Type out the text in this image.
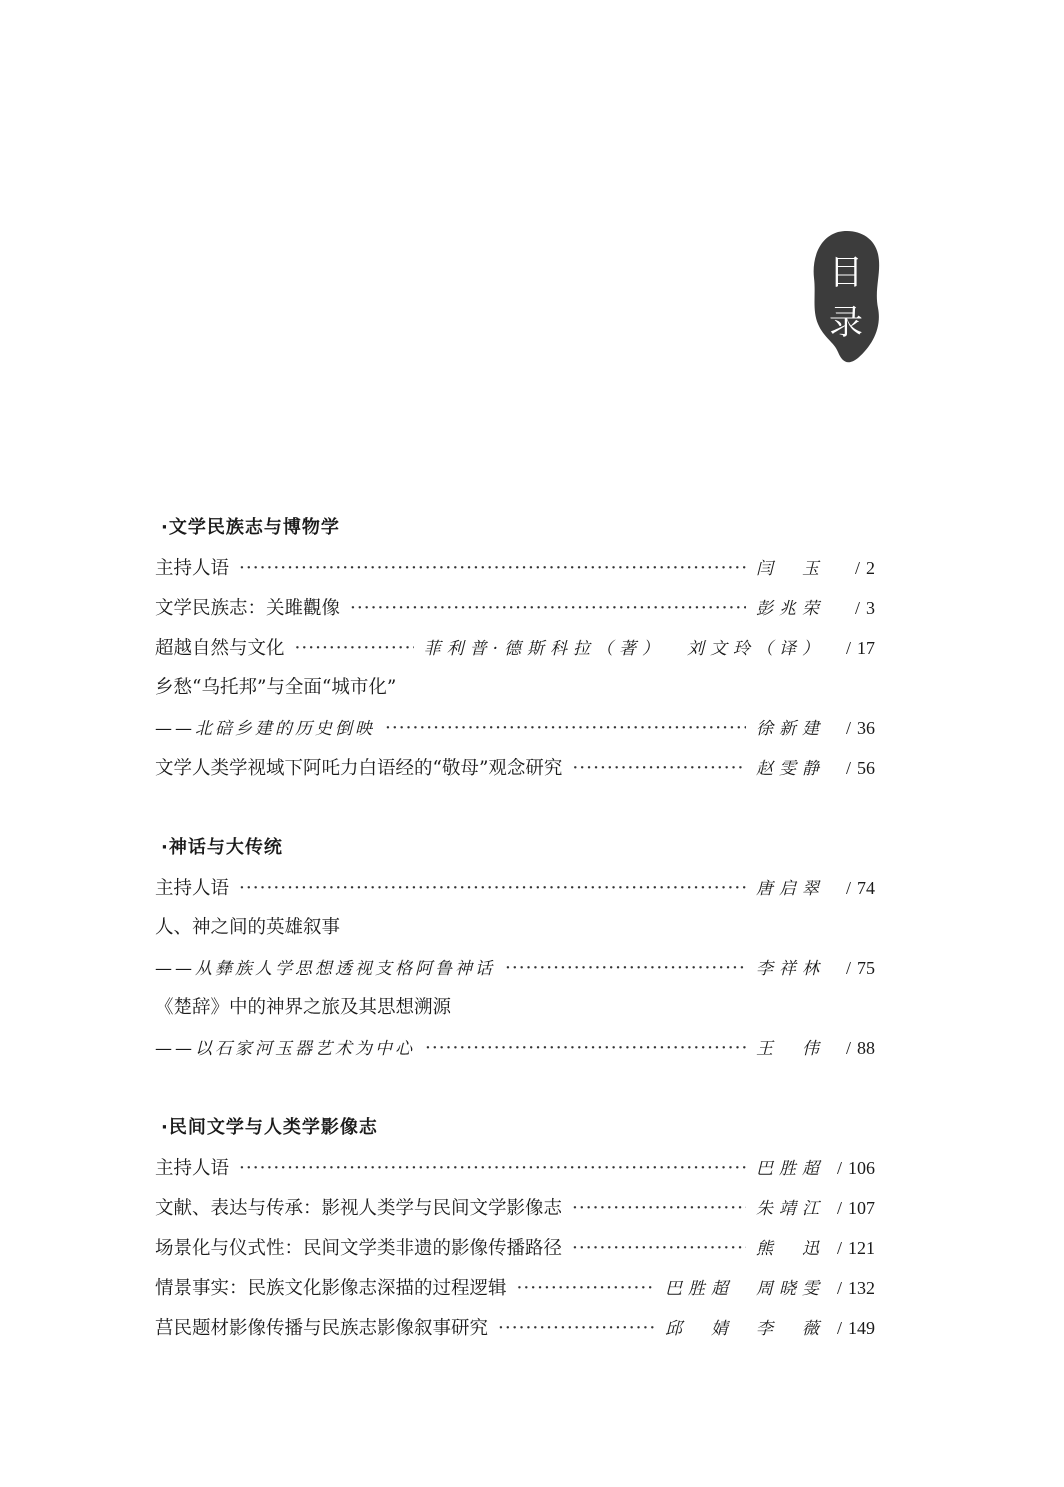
目
录
·文学民族志与博物学
主持人语 ·····	闫　玉	/ 2
文学民族志：关雎觀像 ·····	彭兆荣	/ 3
超越自然与文化 ·····	菲利普·德斯科拉（著） 刘文玲（译）	/ 17
乡愁“乌托邦”与全面“城市化”
——北碚乡建的历史倒映 ·····	徐新建	/ 36
文学人类学视域下阿吒力白语经的“敬母”观念研究 ·····	赵雯静	/ 56
·神话与大传统
主持人语 ·····	唐启翠	/ 74
人、神之间的英雄叙事
——从彝族人学思想透视支格阿鲁神话 ·····	李祥林	/ 75
《楚辞》中的神界之旅及其思想溯源
——以石家河玉器艺术为中心 ·····	王　伟	/ 88
·民间文学与人类学影像志
主持人语 ·····	巴胜超 / 106
文献、表达与传承：影视人类学与民间文学影像志 ·····	朱靖江 / 107
场景化与仪式性：民间文学类非遗的影像传播路径 ·····	熊　迅 / 121
情景事实：民族文化影像志深描的过程逻辑 ·····	巴胜超 周晓雯 / 132
莒民题材影像传播与民族志影像叙事研究 ·····	邱　婧 李　薇 / 149
